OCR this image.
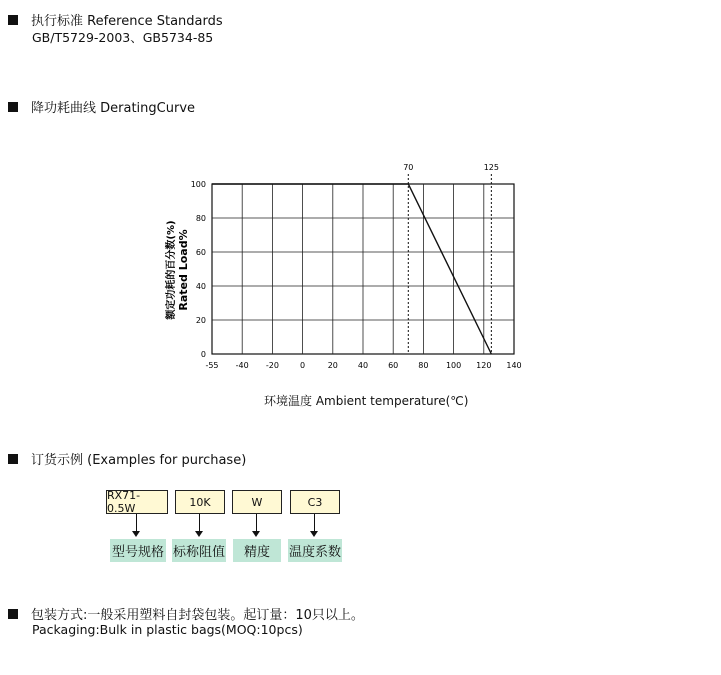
执行标准 Reference Standards
GB/T5729-2003、GB5734-85
降功耗曲线 DeratingCurve
70	125
-55 -40 -20	0	20	40	60	80 100 120 140
0
20
40
60
80
100
额定功耗的百分数(%) Rated Load%
环境温度 Ambient temperature(℃)
订货示例 (Examples for purchase)
RX71-0.5W	10K	W	C3
型号规格 标称阻值	精度	温度系数
包装方式:一般采用塑料自封袋包装。起订量：10只以上。
Packaging:Bulk in plastic bags(MOQ:10pcs)
